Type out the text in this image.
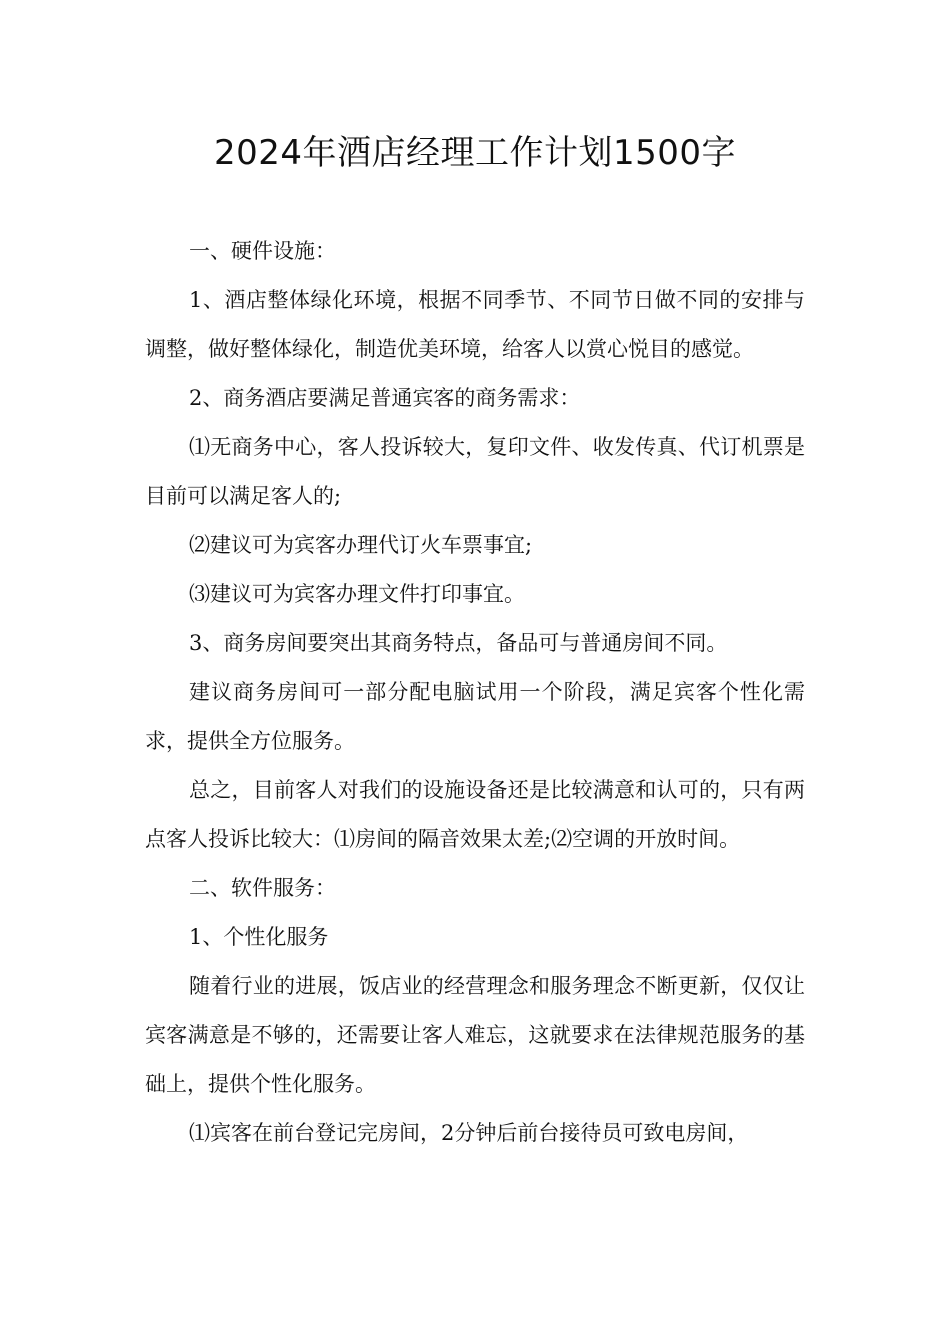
2024年酒店经理工作计划1500字

一、硬件设施：

1、酒店整体绿化环境，根据不同季节、不同节日做不同的安排与调整，做好整体绿化，制造优美环境，给客人以赏心悦目的感觉。

2、商务酒店要满足普通宾客的商务需求：

⑴无商务中心，客人投诉较大，复印文件、收发传真、代订机票是目前可以满足客人的;

⑵建议可为宾客办理代订火车票事宜;

⑶建议可为宾客办理文件打印事宜。

3、商务房间要突出其商务特点，备品可与普通房间不同。

建议商务房间可一部分配电脑试用一个阶段，满足宾客个性化需求，提供全方位服务。

总之，目前客人对我们的设施设备还是比较满意和认可的，只有两点客人投诉比较大：⑴房间的隔音效果太差;⑵空调的开放时间。

二、软件服务：

1、个性化服务

随着行业的进展，饭店业的经营理念和服务理念不断更新，仅仅让宾客满意是不够的，还需要让客人难忘，这就要求在法律规范服务的基础上，提供个性化服务。

⑴宾客在前台登记完房间，2分钟后前台接待员可致电房间，
